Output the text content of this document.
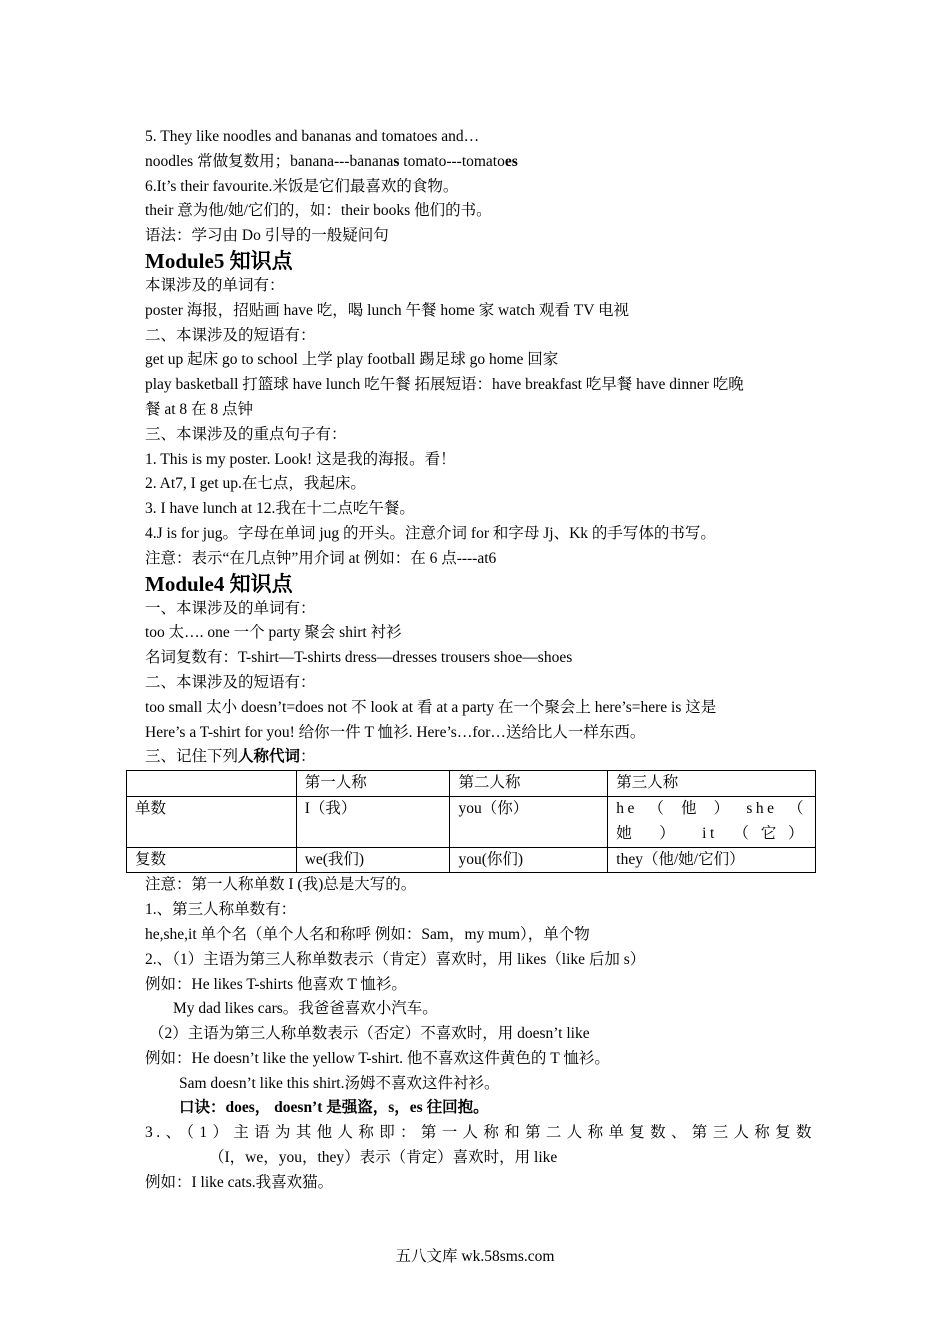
5. They like noodles and bananas and tomatoes and…
noodles 常做复数用；banana---bananas tomato---tomatoes
6.It’s their favourite.米饭是它们最喜欢的食物。
their 意为他/她/它们的，如：their books 他们的书。
语法：学习由 Do 引导的一般疑问句
Module5 知识点
本课涉及的单词有：
poster 海报，招贴画 have 吃，喝 lunch 午餐 home 家 watch 观看 TV 电视
二、本课涉及的短语有：
get up 起床 go to school 上学 play football 踢足球 go home 回家
play basketball 打篮球 have lunch 吃午餐 拓展短语：have breakfast 吃早餐 have dinner 吃晚
餐 at 8 在 8 点钟
三、本课涉及的重点句子有：
1. This is my poster. Look! 这是我的海报。看！
2. At7, I get up.在七点，我起床。
3. I have lunch at 12.我在十二点吃午餐。
4.J is for jug。字母在单词 jug 的开头。注意介词 for 和字母 Jj、Kk 的手写体的书写。
注意：表示“在几点钟”用介词 at 例如：在 6 点----at6
Module4 知识点
一、本课涉及的单词有：
too 太…. one 一个 party 聚会 shirt 衬衫
名词复数有：T-shirt—T-shirts dress—dresses trousers shoe—shoes
二、本课涉及的短语有：
too small 太小 doesn’t=does not 不 look at 看 at a party 在一个聚会上 here’s=here is 这是
Here’s a T-shirt for you! 给你一件 T 恤衫. Here’s…for…送给比人一样东西。
三、记住下列人称代词：
	第一人称	第二人称	第三人称
单数	I（我）	you（你）	he （ 他 ） she （ 她 ） it （它）
复数	we(我们)	you(你们)	they（他/她/它们）
注意：第一人称单数 I (我)总是大写的。
1.、第三人称单数有：
he,she,it 单个名（单个人名和称呼 例如：Sam，my mum），单个物
2.、（1）主语为第三人称单数表示（肯定）喜欢时，用 likes（like 后加 s）
例如：He likes T-shirts 他喜欢 T 恤衫。
My dad likes cars。我爸爸喜欢小汽车。
（2）主语为第三人称单数表示（否定）不喜欢时，用 doesn’t like
例如：He doesn’t like the yellow T-shirt. 他不喜欢这件黄色的 T 恤衫。
Sam doesn’t like this shirt.汤姆不喜欢这件衬衫。
口诀：does， doesn’t 是强盗，s，es 往回抱。
3.、（1）主语为其他人称即：第一人称和第二人称单复数、第三人称复数
（I，we，you，they）表示（肯定）喜欢时，用 like
例如：I like cats.我喜欢猫。
五八文库 wk.58sms.com
